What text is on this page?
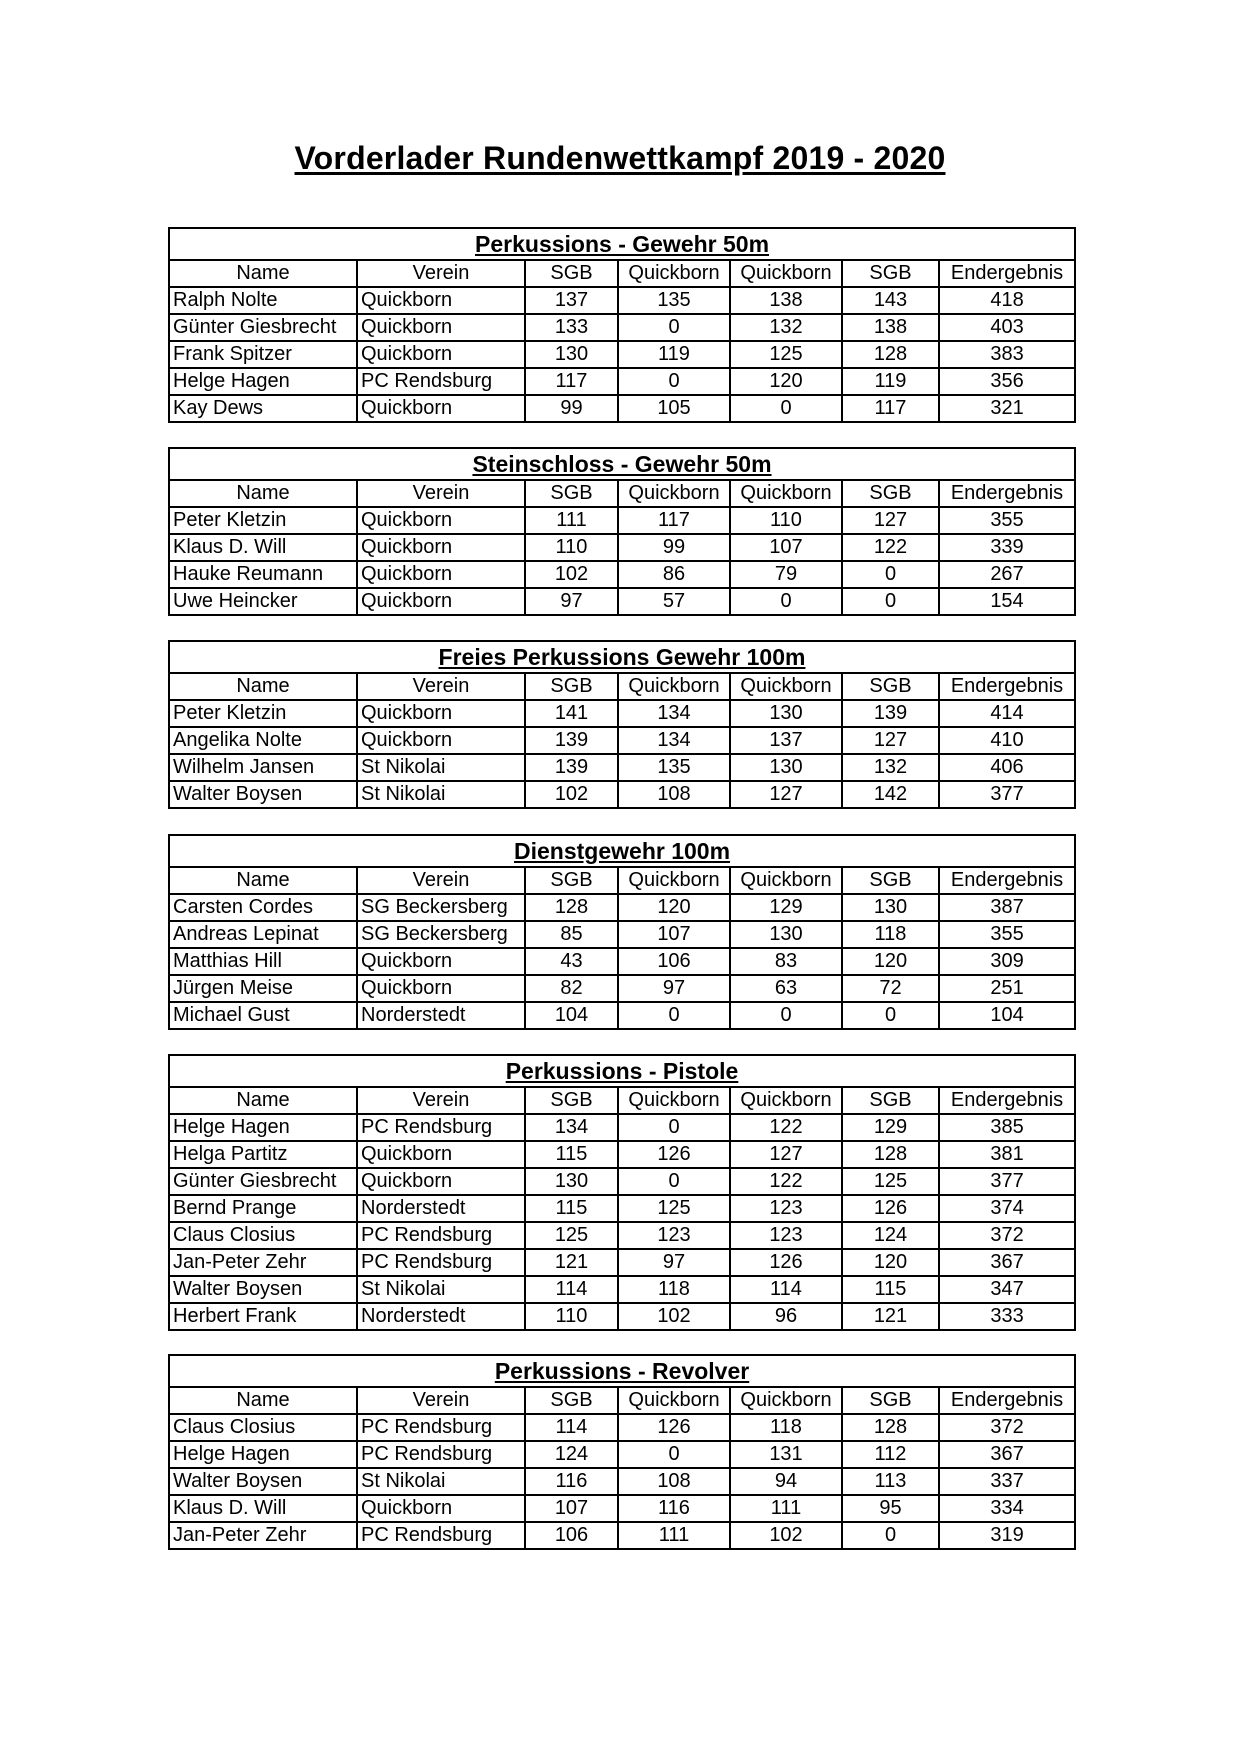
Vorderlader Rundenwettkampf 2019 - 2020
Perkussions - Gewehr 50m						
Name	Verein	SGB	Quickborn	Quickborn	SGB	Endergebnis
Ralph Nolte	Quickborn	137	135	138	143	418
Günter Giesbrecht	Quickborn	133	0	132	138	403
Frank Spitzer	Quickborn	130	119	125	128	383
Helge Hagen	PC Rendsburg	117	0	120	119	356
Kay Dews	Quickborn	99	105	0	117	321
Steinschloss - Gewehr 50m						
Name	Verein	SGB	Quickborn	Quickborn	SGB	Endergebnis
Peter Kletzin	Quickborn	111	117	110	127	355
Klaus D. Will	Quickborn	110	99	107	122	339
Hauke Reumann	Quickborn	102	86	79	0	267
Uwe Heincker	Quickborn	97	57	0	0	154
Freies Perkussions Gewehr 100m						
Name	Verein	SGB	Quickborn	Quickborn	SGB	Endergebnis
Peter Kletzin	Quickborn	141	134	130	139	414
Angelika Nolte	Quickborn	139	134	137	127	410
Wilhelm Jansen	St Nikolai	139	135	130	132	406
Walter Boysen	St Nikolai	102	108	127	142	377
Dienstgewehr 100m						
Name	Verein	SGB	Quickborn	Quickborn	SGB	Endergebnis
Carsten Cordes	SG Beckersberg	128	120	129	130	387
Andreas Lepinat	SG Beckersberg	85	107	130	118	355
Matthias Hill	Quickborn	43	106	83	120	309
Jürgen Meise	Quickborn	82	97	63	72	251
Michael Gust	Norderstedt	104	0	0	0	104
Perkussions - Pistole						
Name	Verein	SGB	Quickborn	Quickborn	SGB	Endergebnis
Helge Hagen	PC Rendsburg	134	0	122	129	385
Helga Partitz	Quickborn	115	126	127	128	381
Günter Giesbrecht	Quickborn	130	0	122	125	377
Bernd Prange	Norderstedt	115	125	123	126	374
Claus Closius	PC Rendsburg	125	123	123	124	372
Jan-Peter Zehr	PC Rendsburg	121	97	126	120	367
Walter Boysen	St Nikolai	114	118	114	115	347
Herbert Frank	Norderstedt	110	102	96	121	333
Perkussions - Revolver						
Name	Verein	SGB	Quickborn	Quickborn	SGB	Endergebnis
Claus Closius	PC Rendsburg	114	126	118	128	372
Helge Hagen	PC Rendsburg	124	0	131	112	367
Walter Boysen	St Nikolai	116	108	94	113	337
Klaus D. Will	Quickborn	107	116	111	95	334
Jan-Peter Zehr	PC Rendsburg	106	111	102	0	319
